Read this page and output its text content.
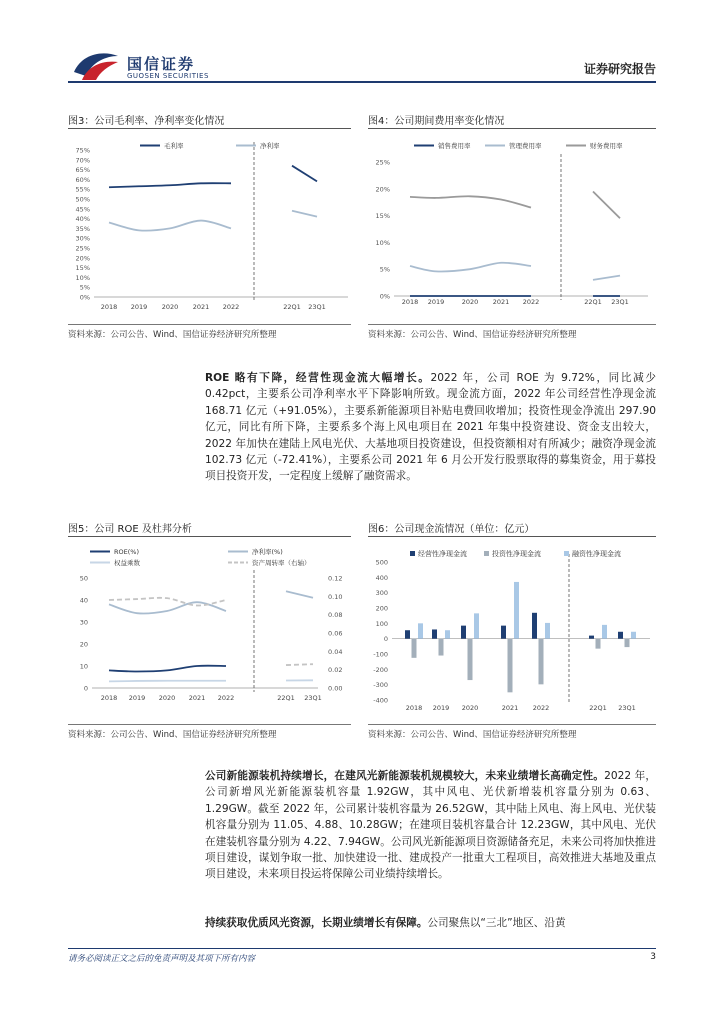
国信证券
GUOSEN SECURITIES	证券研究报告
图3：公司毛利率、净利率变化情况
0%
5%
10%
15%
20%
25%
30%
35%
40%
45%
50%
55%
60%
65%
70%
75%
2018 2019 2020 2021 2022	22Q1 23Q1
毛利率	净利率
资料来源：公司公告、Wind、国信证券经济研究所整理
图4：公司期间费用率变化情况
0%
5%
10%
15%
20%
25%
2018 2019	2020 2021 2022	22Q1 23Q1
销售费用率	管理费用率	财务费用率
资料来源：公司公告、Wind、国信证券经济研究所整理
ROE 略有下降，经营性现金流大幅增长。2022 年，公司 ROE 为 9.72%，同比减少 0.42pct，主要系公司净利率水平下降影响所致。现金流方面，2022 年公司经营性净现金流 168.71 亿元（+91.05%），主要系新能源项目补贴电费回收增加；投资性现金净流出 297.90 亿元，同比有所下降，主要系多个海上风电项目在 2021 年集中投资建设、资金支出较大，2022 年加快在建陆上风电光伏、大基地项目投资建设，但投资额相对有所减少；融资净现金流 102.73 亿元（-72.41%），主要系公司 2021 年 6 月公开发行股票取得的募集资金，用于募投项目投资开发，一定程度上缓解了融资需求。
图5：公司 ROE 及杜邦分析
0
10
20
30
40
50
0.00
0.02
0.04
0.06
0.08
0.10
0.12
2018 2019 2020 2021 2022	22Q1 23Q1
ROE(%)	净利率(%)
权益乘数	资产周转率（右轴）
资料来源：公司公告、Wind、国信证券经济研究所整理
图6：公司现金流情况（单位：亿元）
-400
-300
-200
-100
0
100
200
300
400
500
2018 2019 2020	2021 2022	22Q1 23Q1
经营性净现金流	投资性净现金流	融资性净现金流
资料来源：公司公告、Wind、国信证券经济研究所整理
公司新能源装机持续增长，在建风光新能源装机规模较大，未来业绩增长高确定性。2022 年，公司新增风光新能源装机容量 1.92GW，其中风电、光伏新增装机容量分别为 0.63、1.29GW。截至 2022 年，公司累计装机容量为 26.52GW，其中陆上风电、海上风电、光伏装机容量分别为 11.05、4.88、10.28GW；在建项目装机容量合计 12.23GW，其中风电、光伏在建装机容量分别为 4.22、7.94GW。公司风光新能源项目资源储备充足，未来公司将加快推进项目建设，谋划争取一批、加快建设一批、建成投产一批重大工程项目，高效推进大基地及重点项目建设，未来项目投运将保障公司业绩持续增长。
持续获取优质风光资源，长期业绩增长有保障。公司聚焦以“三北”地区、沿黄
请务必阅读正文之后的免责声明及其项下所有内容	3
